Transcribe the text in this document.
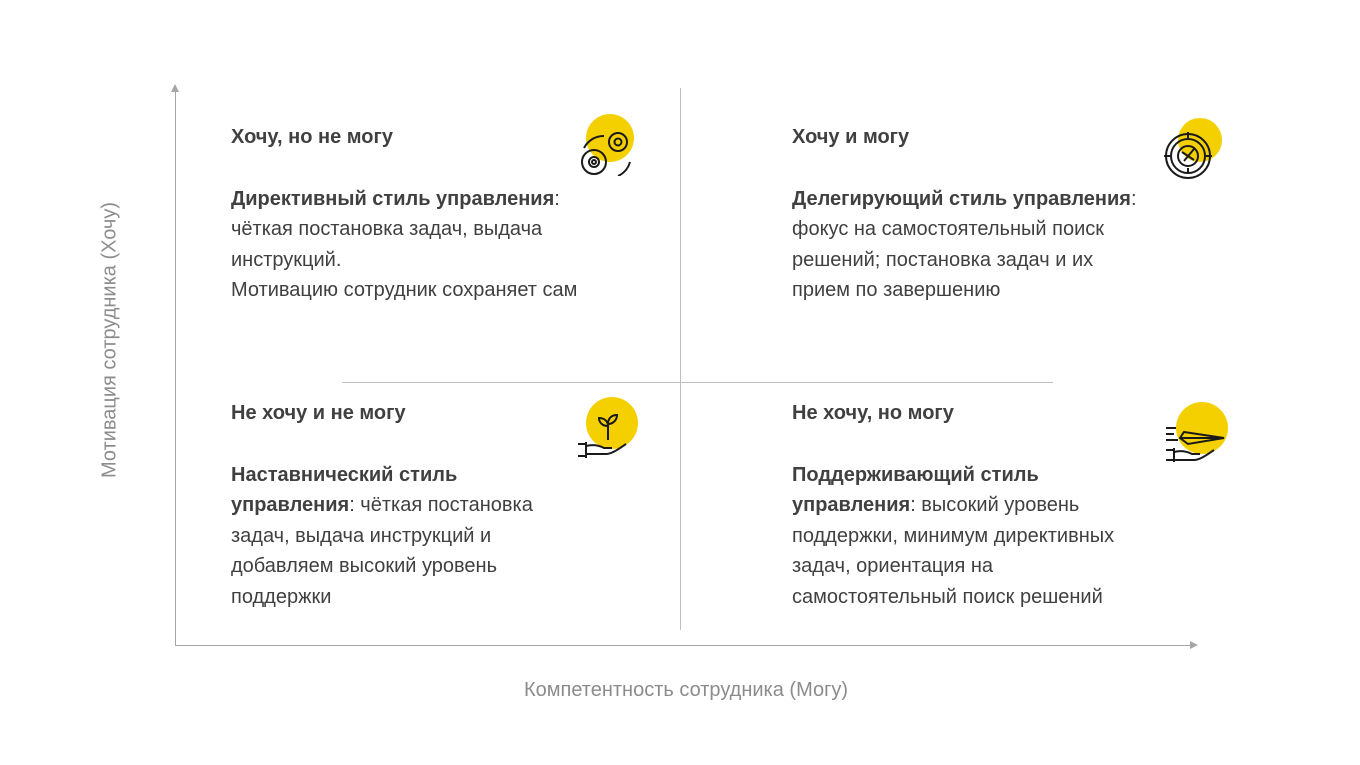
Мотивация сотрудника (Хочу)
Компетентность сотрудника (Могу)
Хочу, но не могу
Директивный стиль управления: чёткая постановка задач, выдача инструкций.
Мотивацию сотрудник сохраняет сам
Хочу и могу
Делегирующий стиль управления: фокус на самостоятельный поиск решений; постановка задач и их прием по завершению
Не хочу и не могу
Наставнический стиль управления: чёткая постановка задач, выдача инструкций и добавляем высокий уровень поддержки
Не хочу, но могу
Поддерживающий стиль управления: высокий уровень поддержки, минимум директивных задач, ориентация на самостоятельный поиск решений
